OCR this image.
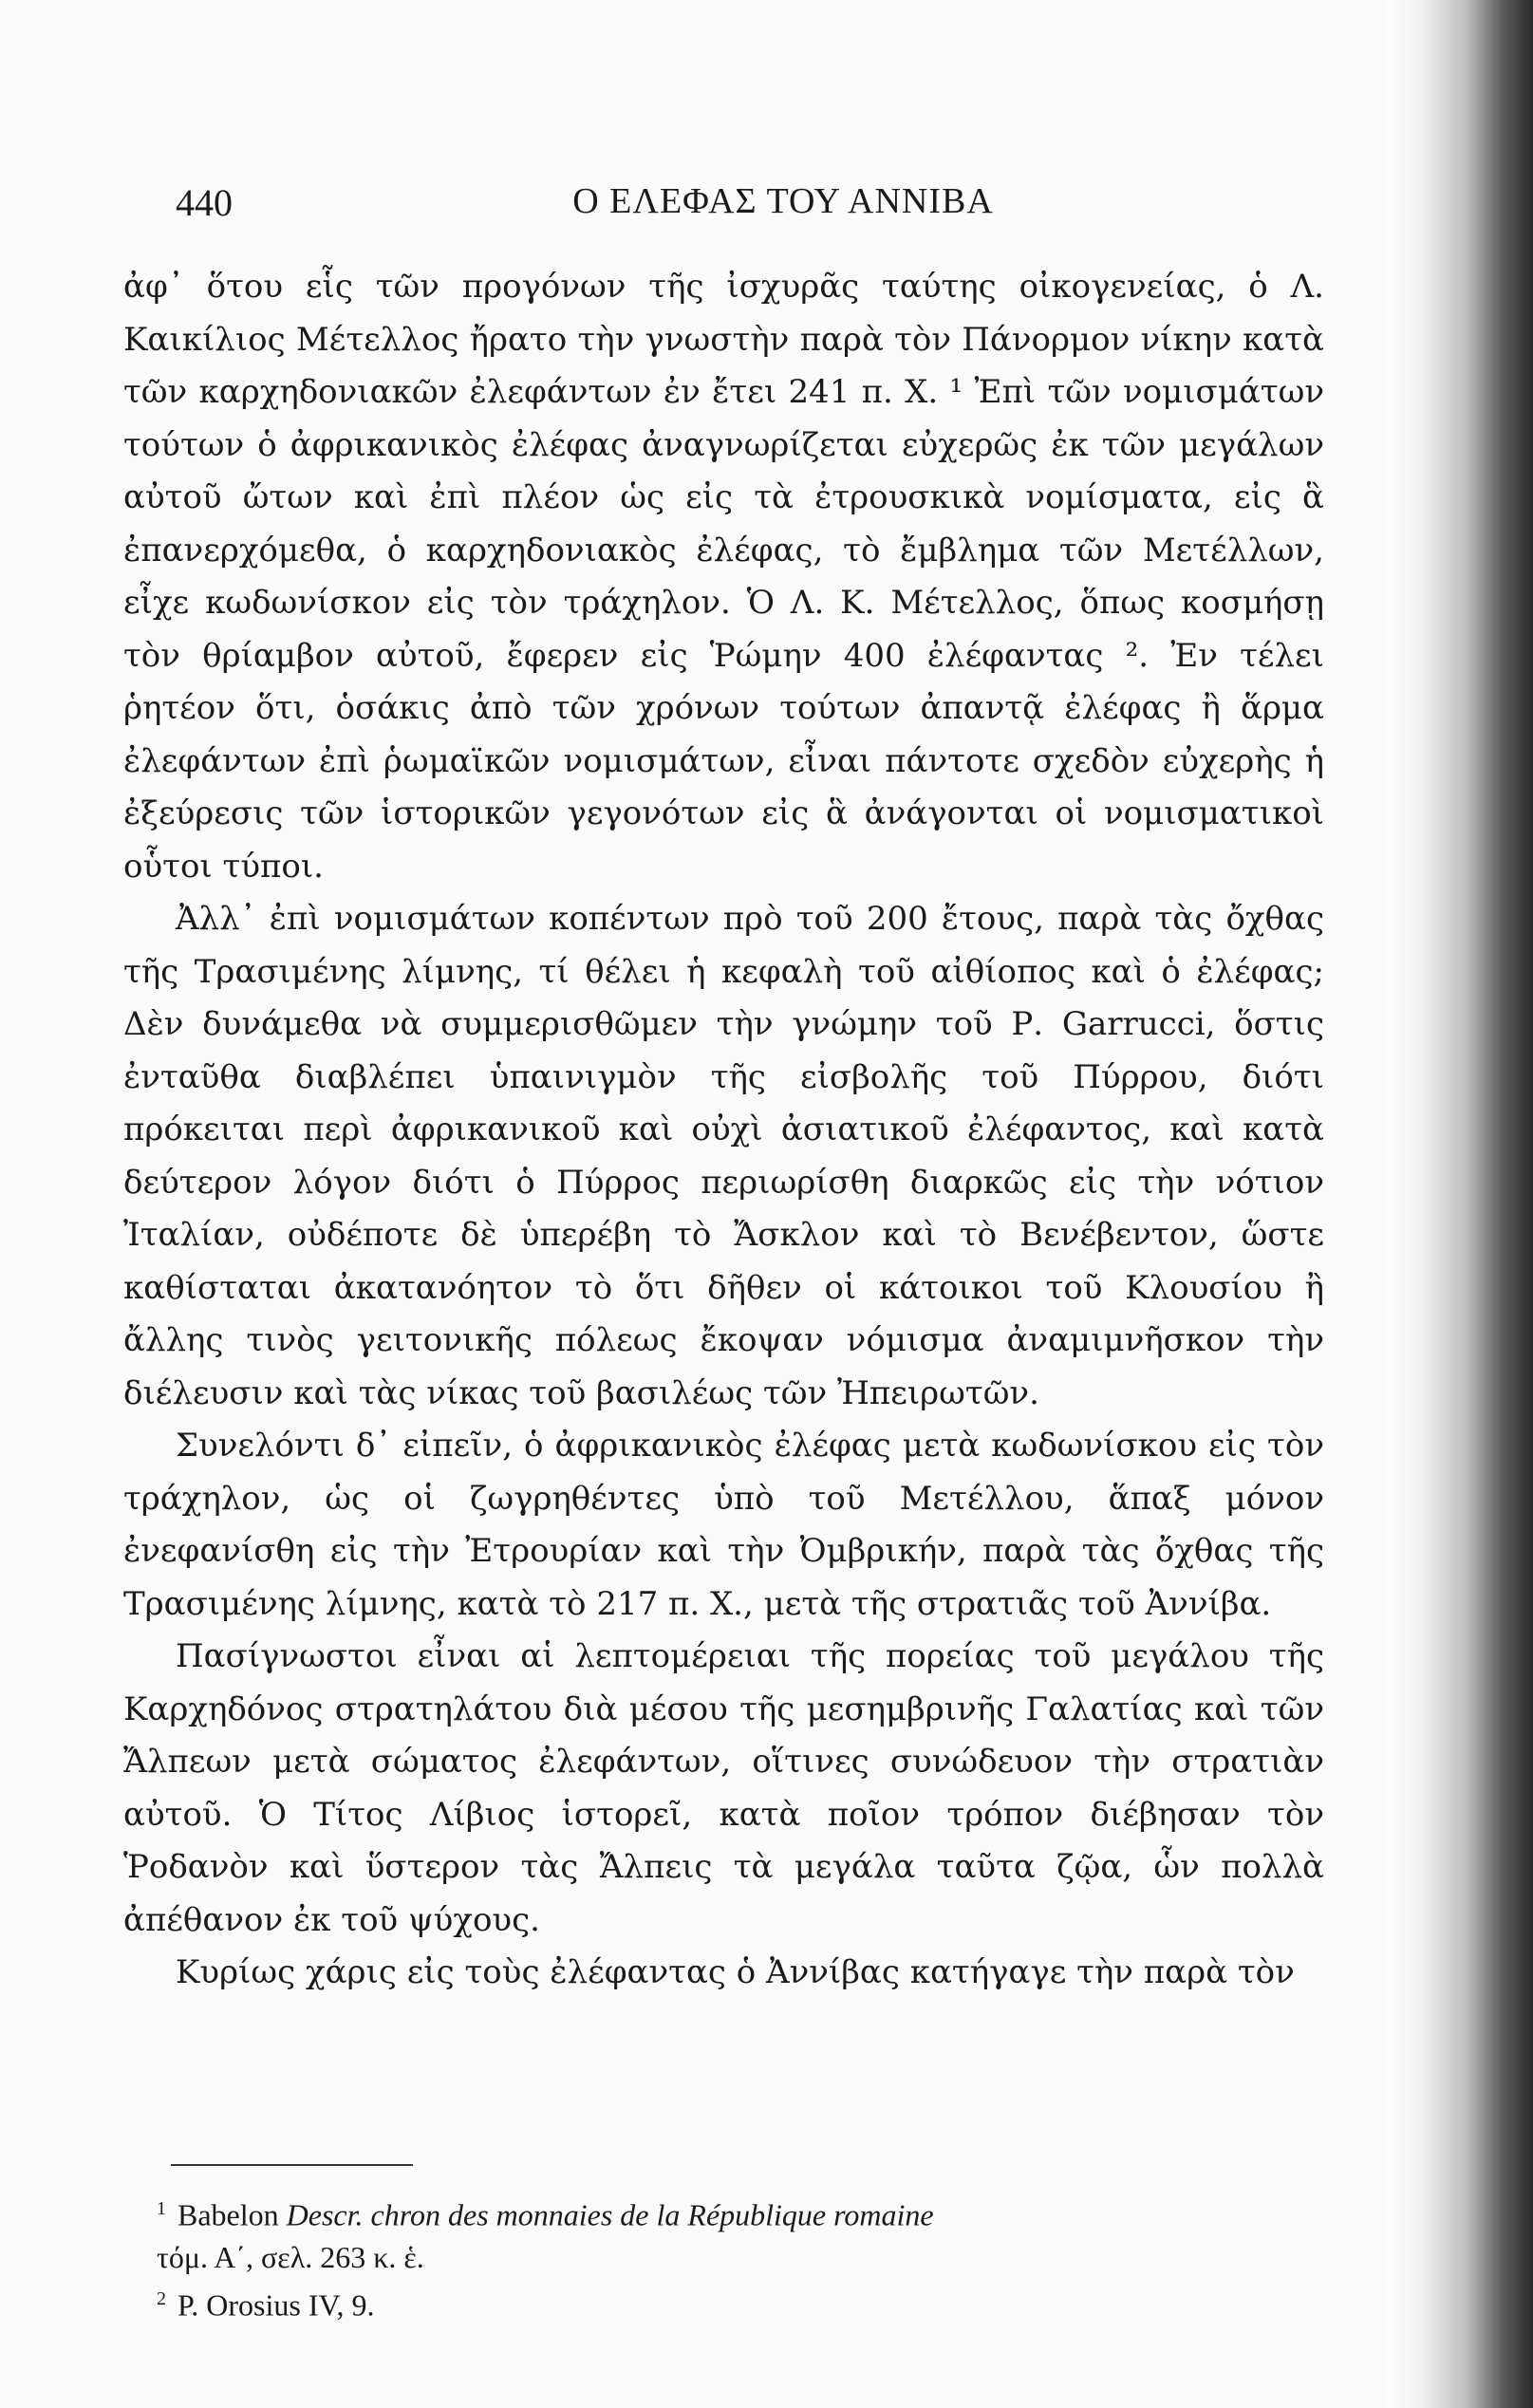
440	Ο ΕΛΕΦΑΣ ΤΟΥ ΑΝΝΙΒΑ

ἀφ᾽ ὅτου εἷς τῶν προγόνων τῆς ἰσχυρᾶς ταύτης οἰκογενείας, ὁ Λ. Καικίλιος Μέτελλος ἤρατο τὴν γνωστὴν παρὰ τὸν Πάνορμον νίκην κατὰ τῶν καρχηδονιακῶν ἐλεφάντων ἐν ἔτει 241 π. Χ. ¹ Ἐπὶ τῶν νομισμάτων τούτων ὁ ἀφρικανικὸς ἐλέφας ἀναγνωρίζεται εὐχερῶς ἐκ τῶν μεγάλων αὐτοῦ ὤτων καὶ ἐπὶ πλέον ὡς εἰς τὰ ἐτρουσκικὰ νομίσματα, εἰς ἃ ἐπανερχόμεθα, ὁ καρχηδονιακὸς ἐλέφας, τὸ ἔμβλημα τῶν Μετέλλων, εἶχε κωδωνίσκον εἰς τὸν τράχηλον. Ὁ Λ. Κ. Μέτελλος, ὅπως κοσμήσῃ τὸν θρίαμβον αὐτοῦ, ἔφερεν εἰς Ῥώμην 400 ἐλέφαντας ². Ἐν τέλει ῥητέον ὅτι, ὁσάκις ἀπὸ τῶν χρόνων τούτων ἀπαντᾷ ἐλέφας ἢ ἅρμα ἐλεφάντων ἐπὶ ῥωμαϊκῶν νομισμάτων, εἶναι πάντοτε σχεδὸν εὐχερὴς ἡ ἐξεύρεσις τῶν ἱστορικῶν γεγονότων εἰς ἃ ἀνάγονται οἱ νομισματικοὶ οὗτοι τύποι.

Ἀλλ᾽ ἐπὶ νομισμάτων κοπέντων πρὸ τοῦ 200 ἔτους, παρὰ τὰς ὄχθας τῆς Τρασιμένης λίμνης, τί θέλει ἡ κεφαλὴ τοῦ αἰθίοπος καὶ ὁ ἐλέφας; Δὲν δυνάμεθα νὰ συμμερισθῶμεν τὴν γνώμην τοῦ Ρ. Garrucci, ὅστις ἐνταῦθα διαβλέπει ὑπαινιγμὸν τῆς εἰσβολῆς τοῦ Πύρρου, διότι πρόκειται περὶ ἀφρικανικοῦ καὶ οὐχὶ ἀσιατικοῦ ἐλέφαντος, καὶ κατὰ δεύτερον λόγον διότι ὁ Πύρρος περιωρίσθη διαρκῶς εἰς τὴν νότιον Ἰταλίαν, οὐδέποτε δὲ ὑπερέβη τὸ Ἄσκλον καὶ τὸ Βενέβεντον, ὥστε καθίσταται ἀκατανόητον τὸ ὅτι δῆθεν οἱ κάτοικοι τοῦ Κλουσίου ἢ ἄλλης τινὸς γειτονικῆς πόλεως ἔκοψαν νόμισμα ἀναμιμνῆσκον τὴν διέλευσιν καὶ τὰς νίκας τοῦ βασιλέως τῶν Ἠπειρωτῶν.

Συνελόντι δ᾽ εἰπεῖν, ὁ ἀφρικανικὸς ἐλέφας μετὰ κωδωνίσκου εἰς τὸν τράχηλον, ὡς οἱ ζωγρηθέντες ὑπὸ τοῦ Μετέλλου, ἅπαξ μόνον ἐνεφανίσθη εἰς τὴν Ἐτρουρίαν καὶ τὴν Ὀμβρικήν, παρὰ τὰς ὄχθας τῆς Τρασιμένης λίμνης, κατὰ τὸ 217 π. Χ., μετὰ τῆς στρατιᾶς τοῦ Ἀννίβα.

Πασίγνωστοι εἶναι αἱ λεπτομέρειαι τῆς πορείας τοῦ μεγάλου τῆς Καρχηδόνος στρατηλάτου διὰ μέσου τῆς μεσημβρινῆς Γαλατίας καὶ τῶν Ἄλπεων μετὰ σώματος ἐλεφάντων, οἵτινες συνώδευον τὴν στρατιὰν αὐτοῦ. Ὁ Τίτος Λίβιος ἱστορεῖ, κατὰ ποῖον τρόπον διέβησαν τὸν Ῥοδανὸν καὶ ὕστερον τὰς Ἄλπεις τὰ μεγάλα ταῦτα ζῷα, ὧν πολλὰ ἀπέθανον ἐκ τοῦ ψύχους.

Κυρίως χάρις εἰς τοὺς ἐλέφαντας ὁ Ἀννίβας κατήγαγε τὴν παρὰ τὸν

$^1$ Babelon Descr. chron des monnaies de la République romaine
τόμ. Α΄, σελ. 263 κ. ἑ.

$^2$ P. Orosius IV, 9.
